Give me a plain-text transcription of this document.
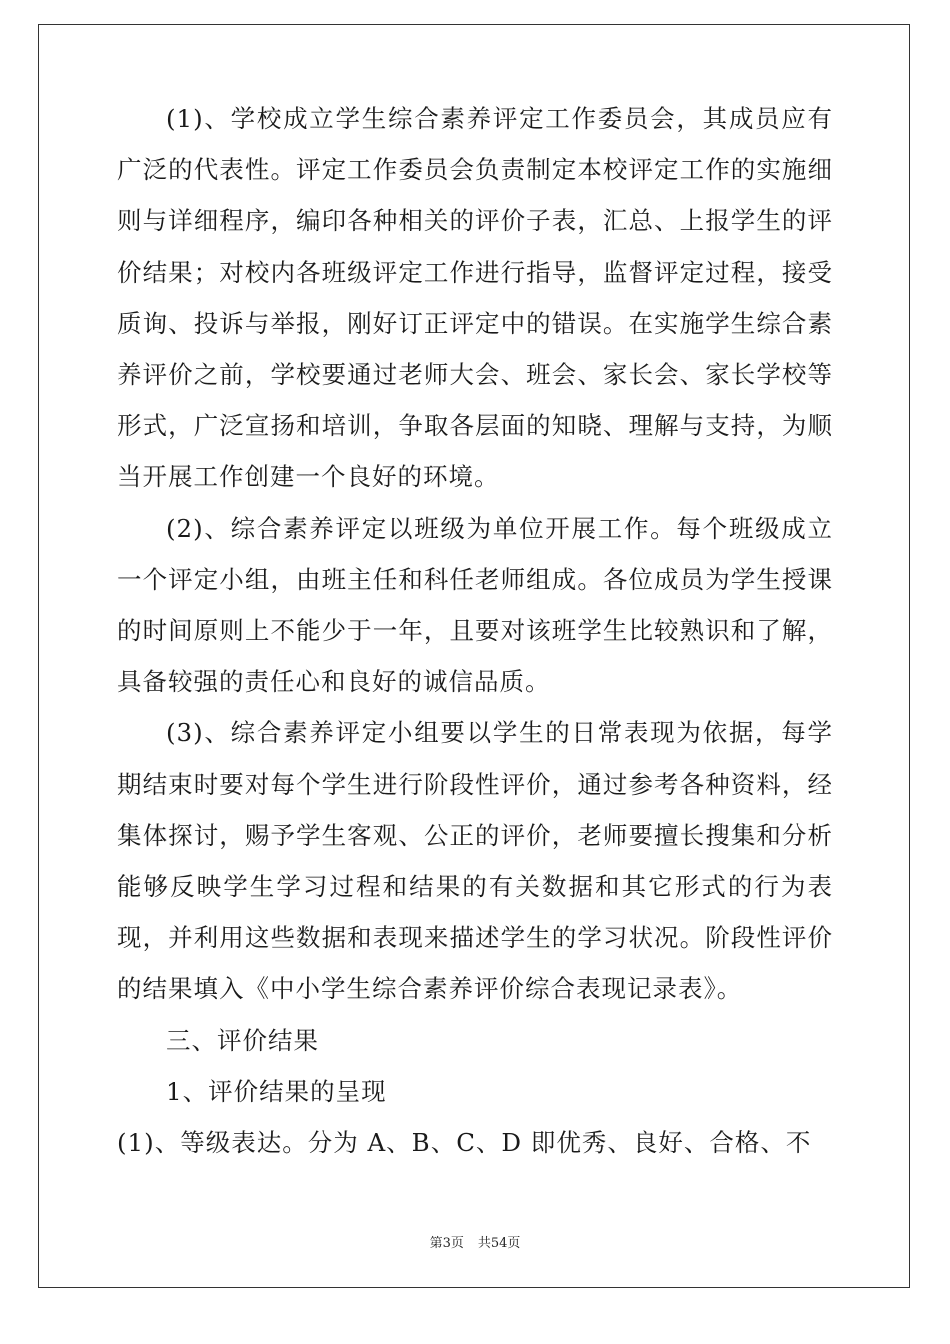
(1)、学校成立学生综合素养评定工作委员会，其成员应有广泛的代表性。评定工作委员会负责制定本校评定工作的实施细则与详细程序，编印各种相关的评价子表，汇总、上报学生的评价结果；对校内各班级评定工作进行指导，监督评定过程，接受质询、投诉与举报，刚好订正评定中的错误。在实施学生综合素养评价之前，学校要通过老师大会、班会、家长会、家长学校等形式，广泛宣扬和培训，争取各层面的知晓、理解与支持，为顺当开展工作创建一个良好的环境。

(2)、综合素养评定以班级为单位开展工作。每个班级成立一个评定小组，由班主任和科任老师组成。各位成员为学生授课的时间原则上不能少于一年，且要对该班学生比较熟识和了解，具备较强的责任心和良好的诚信品质。

(3)、综合素养评定小组要以学生的日常表现为依据，每学期结束时要对每个学生进行阶段性评价，通过参考各种资料，经集体探讨，赐予学生客观、公正的评价，老师要擅长搜集和分析能够反映学生学习过程和结果的有关数据和其它形式的行为表现，并利用这些数据和表现来描述学生的学习状况。阶段性评价的结果填入《中小学生综合素养评价综合表现记录表》。

三、评价结果

1、评价结果的呈现

(1)、等级表达。分为 A、B、C、D 即优秀、良好、合格、不

第3页 共54页
